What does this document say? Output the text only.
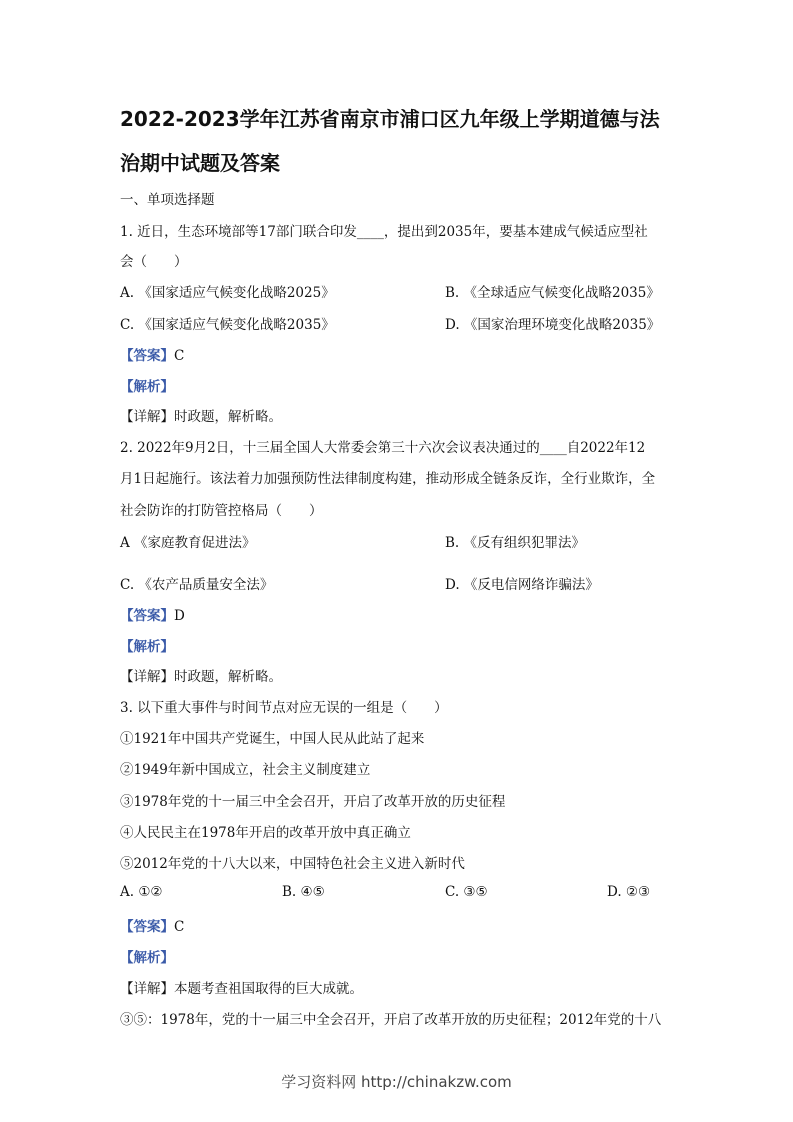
2022-2023学年江苏省南京市浦口区九年级上学期道德与法
治期中试题及答案
一、单项选择题
1. 近日，生态环境部等17部门联合印发____，提出到2035年，要基本建成气候适应型社
会（　　）
A. 《国家适应气候变化战略2025》	B. 《全球适应气候变化战略2035》
C. 《国家适应气候变化战略2035》	D. 《国家治理环境变化战略2035》
【答案】C
【解析】
【详解】时政题，解析略。
2. 2022年9月2日，十三届全国人大常委会第三十六次会议表决通过的____自2022年12
月1日起施行。该法着力加强预防性法律制度构建，推动形成全链条反诈，全行业欺诈，全
社会防诈的打防管控格局（　　）
A 《家庭教育促进法》	B. 《反有组织犯罪法》
C. 《农产品质量安全法》	D. 《反电信网络诈骗法》
【答案】D
【解析】
【详解】时政题，解析略。
3. 以下重大事件与时间节点对应无误的一组是（　　）
①1921年中国共产党诞生，中国人民从此站了起来
②1949年新中国成立，社会主义制度建立
③1978年党的十一届三中全会召开，开启了改革开放的历史征程
④人民民主在1978年开启的改革开放中真正确立
⑤2012年党的十八大以来，中国特色社会主义进入新时代
A. ①②	B. ④⑤	C. ③⑤	D. ②③
【答案】C
【解析】
【详解】本题考查祖国取得的巨大成就。
③⑤：1978年，党的十一届三中全会召开，开启了改革开放的历史征程；2012年党的十八
学习资料网 http://chinakzw.com
